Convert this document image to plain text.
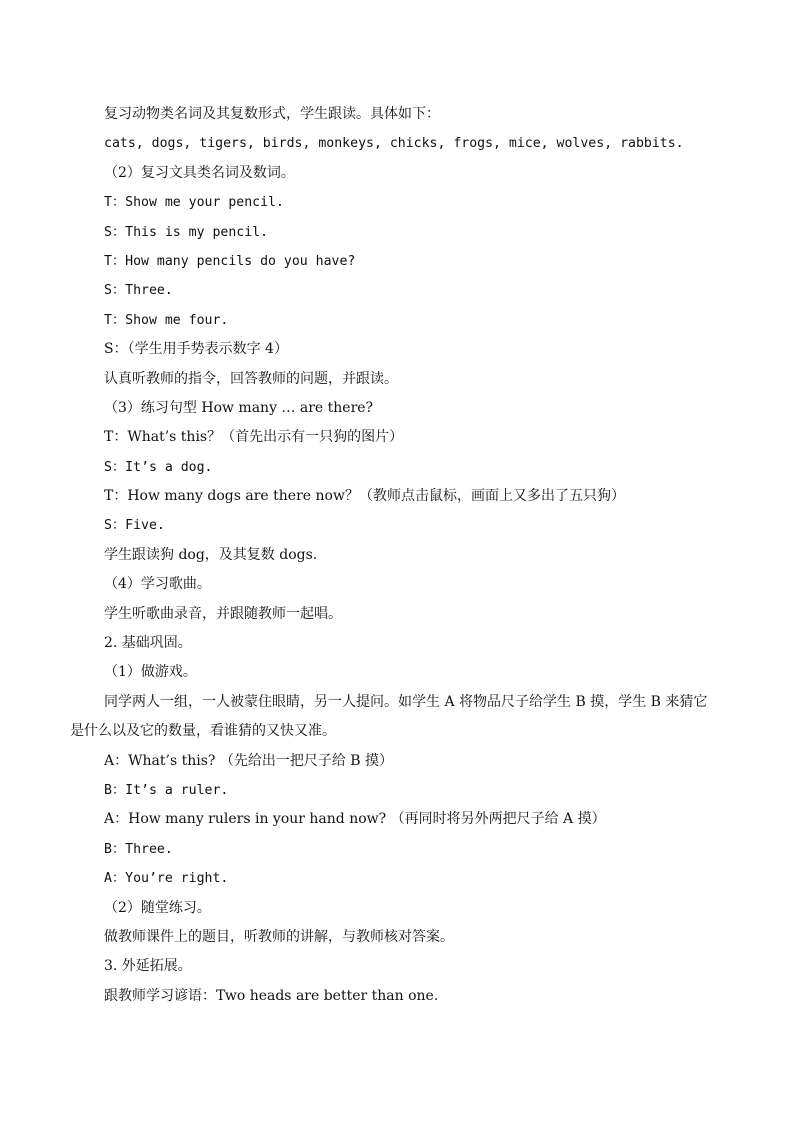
复习动物类名词及其复数形式，学生跟读。具体如下：

cats, dogs, tigers, birds, monkeys, chicks, frogs, mice, wolves, rabbits.

（2）复习文具类名词及数词。

T：Show me your pencil.

S：This is my pencil.

T：How many pencils do you have?

S：Three.

T：Show me four.

S：（学生用手势表示数字 4）

认真听教师的指令，回答教师的问题，并跟读。

（3）练习句型 How many … are there?

T：What’s this？（首先出示有一只狗的图片）

S：It’s a dog.

T：How many dogs are there now？（教师点击鼠标，画面上又多出了五只狗）

S：Five.

学生跟读狗 dog，及其复数 dogs.

（4）学习歌曲。

学生听歌曲录音，并跟随教师一起唱。

2. 基础巩固。

（1）做游戏。

同学两人一组，一人被蒙住眼睛，另一人提问。如学生 A 将物品尺子给学生 B 摸，学生 B 来猜它是什么以及它的数量，看谁猜的又快又准。

A：What’s this? （先给出一把尺子给 B 摸）

B：It’s a ruler.

A：How many rulers in your hand now? （再同时将另外两把尺子给 A 摸）

B：Three.

A：You’re right.

（2）随堂练习。

做教师课件上的题目，听教师的讲解，与教师核对答案。

3. 外延拓展。

跟教师学习谚语：Two heads are better than one.
